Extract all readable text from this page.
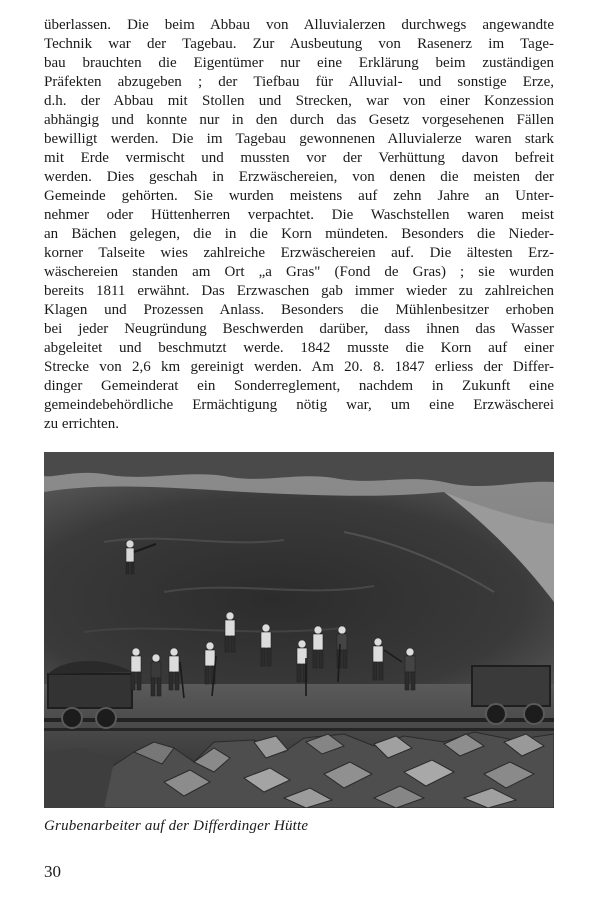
überlassen. Die beim Abbau von Alluvialerzen durchwegs angewandte
Technik war der Tagebau. Zur Ausbeutung von Rasenerz im Tage-
bau brauchten die Eigentümer nur eine Erklärung beim zuständigen
Präfekten abzugeben ; der Tiefbau für Alluvial- und sonstige Erze,
d.h. der Abbau mit Stollen und Strecken, war von einer Konzession
abhängig und konnte nur in den durch das Gesetz vorgesehenen Fällen
bewilligt werden. Die im Tagebau gewonnenen Alluvialerze waren stark
mit Erde vermischt und mussten vor der Verhüttung davon befreit
werden. Dies geschah in Erzwäschereien, von denen die meisten der
Gemeinde gehörten. Sie wurden meistens auf zehn Jahre an Unter-
nehmer oder Hüttenherren verpachtet. Die Waschstellen waren meist
an Bächen gelegen, die in die Korn mündeten. Besonders die Nieder-
korner Talseite wies zahlreiche Erzwäschereien auf. Die ältesten Erz-
wäschereien standen am Ort „a Gras" (Fond de Gras) ; sie wurden
bereits 1811 erwähnt. Das Erzwaschen gab immer wieder zu zahlreichen
Klagen und Prozessen Anlass. Besonders die Mühlenbesitzer erhoben
bei jeder Neugründung Beschwerden darüber, dass ihnen das Wasser
abgeleitet und beschmutzt werde. 1842 musste die Korn auf einer
Strecke von 2,6 km gereinigt werden. Am 20. 8. 1847 erliess der Differ-
dinger Gemeinderat ein Sonderreglement, nachdem in Zukunft eine
gemeindebehördliche Ermächtigung nötig war, um eine Erzwäscherei
zu errichten.
Grubenarbeiter auf der Differdinger Hütte
30
